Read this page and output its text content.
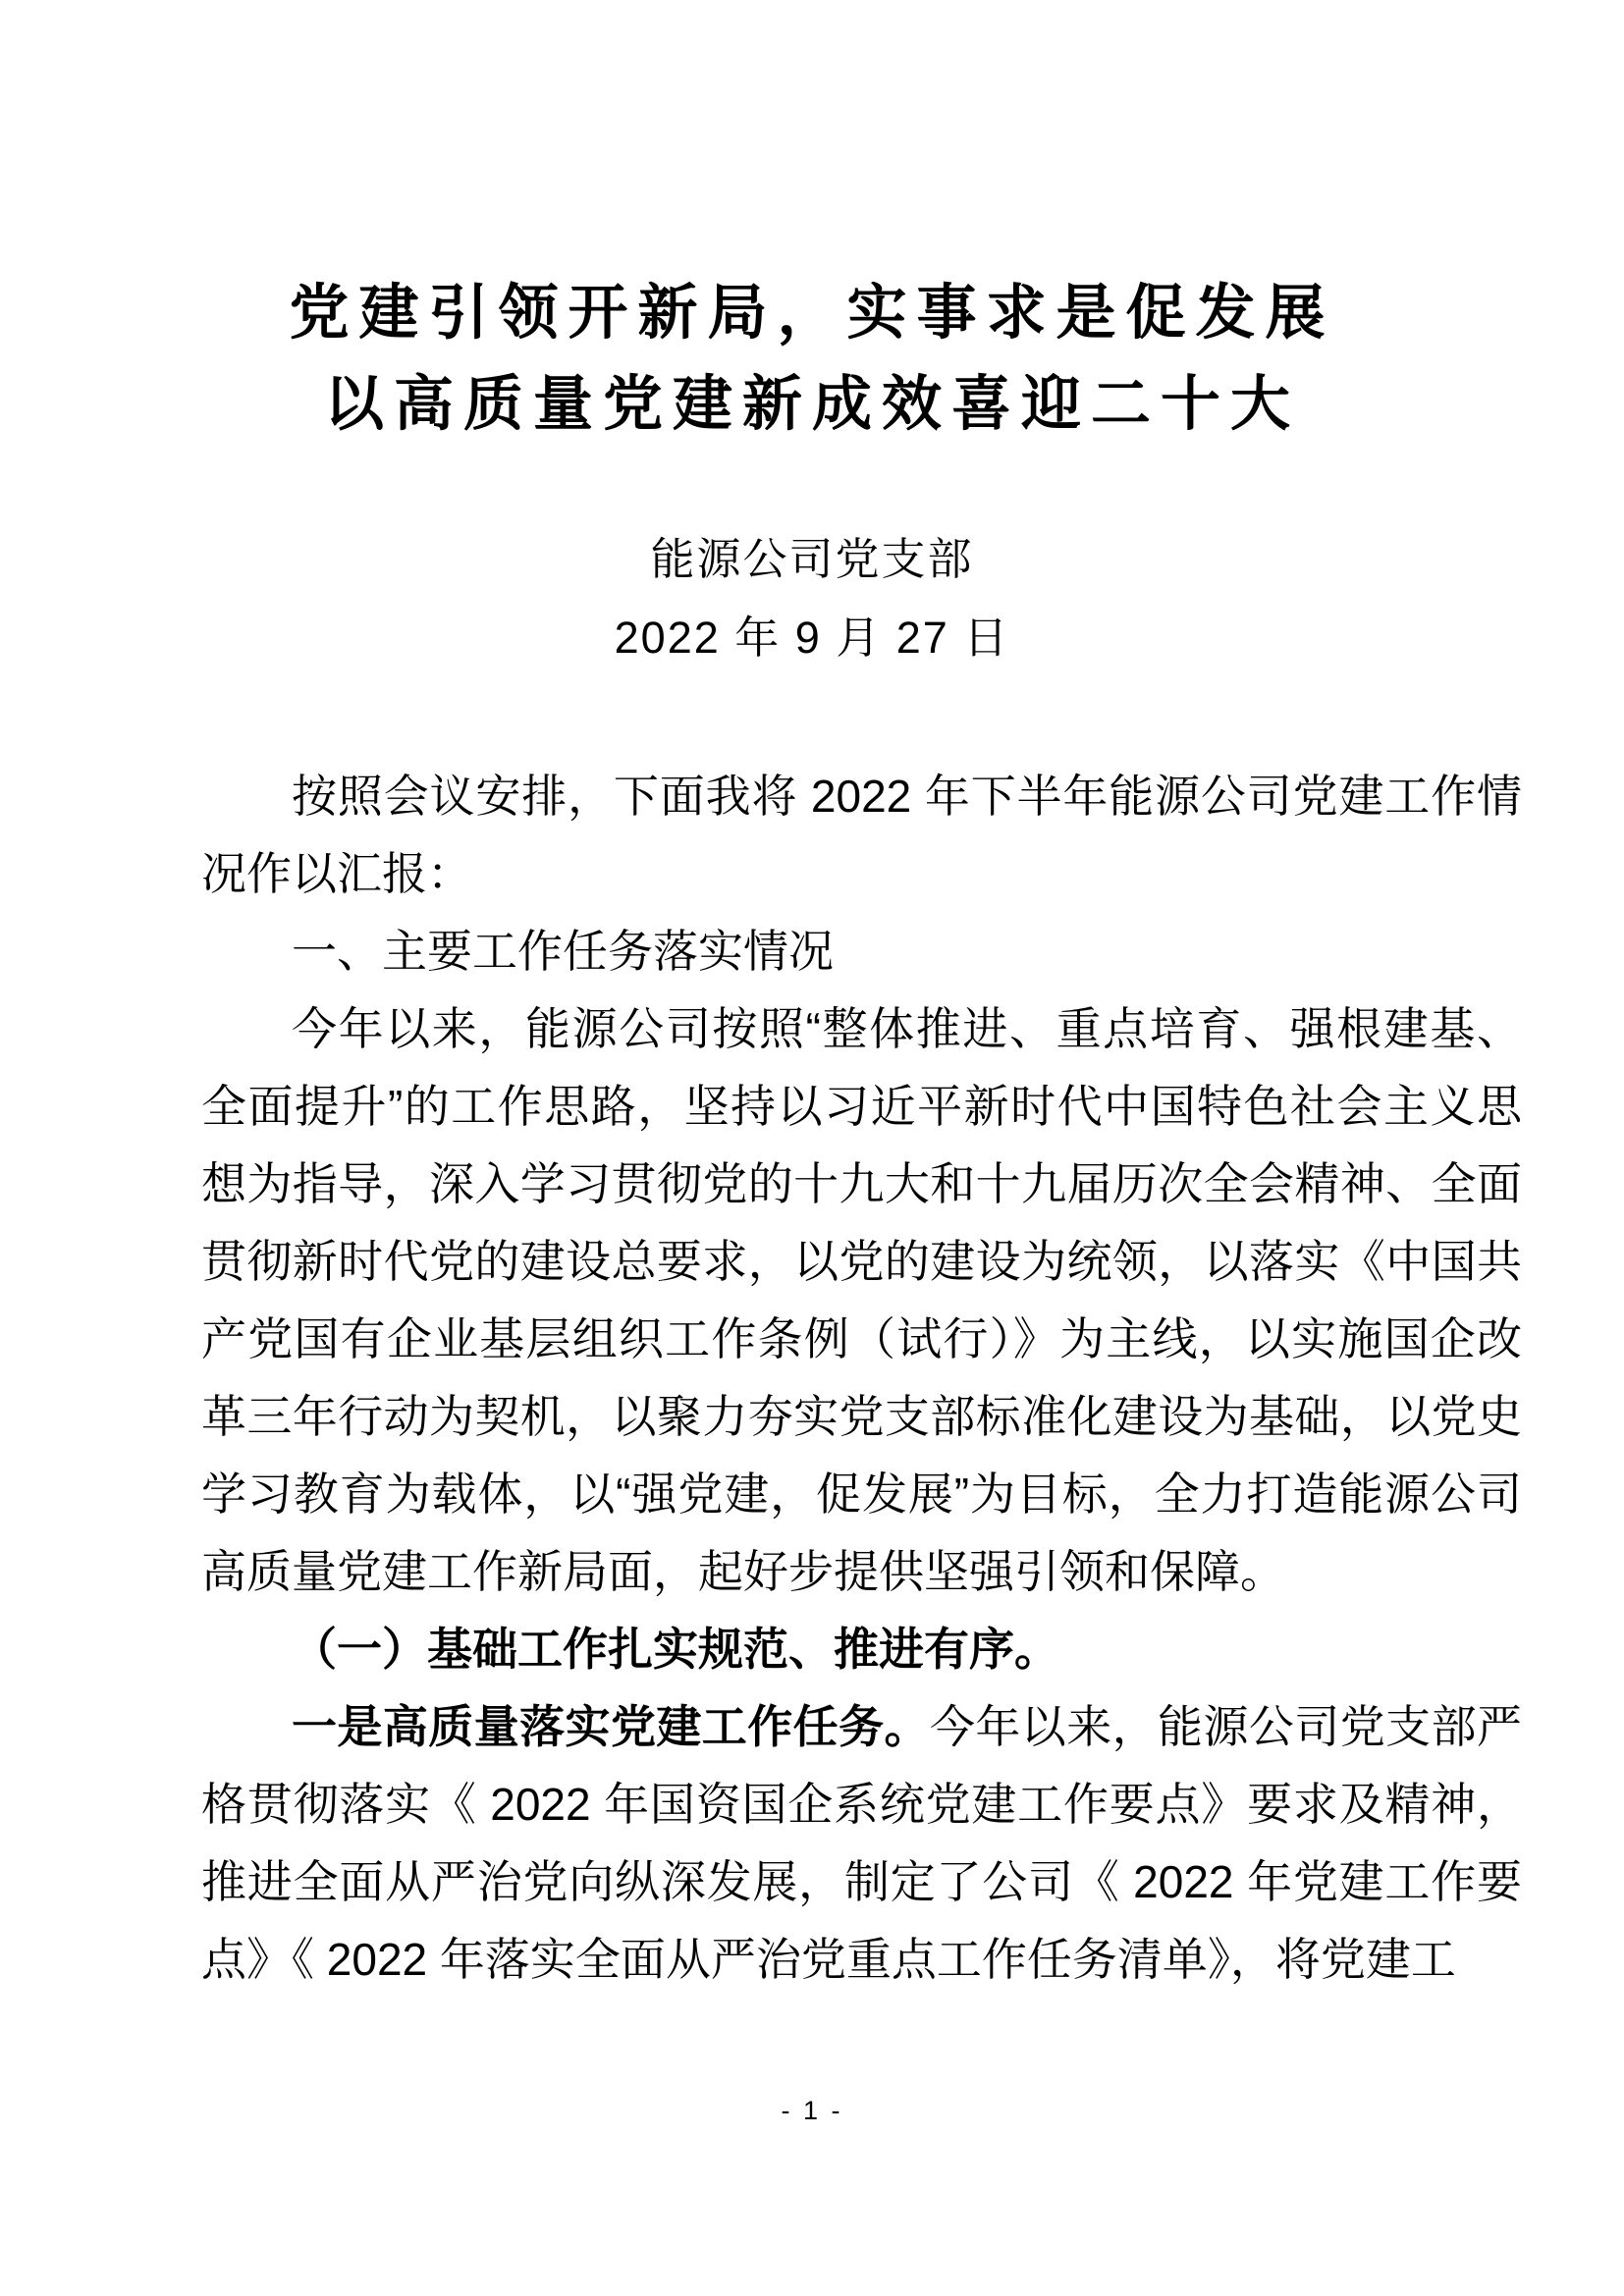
党建引领开新局，实事求是促发展
以高质量党建新成效喜迎二十大
能源公司党支部
2022 年 9 月 27 日

按照会议安排，下面我将 2022 年下半年能源公司党建工作情况作以汇报：

一、主要工作任务落实情况

今年以来，能源公司按照“整体推进、重点培育、强根建基、全面提升”的工作思路，坚持以习近平新时代中国特色社会主义思想为指导，深入学习贯彻党的十九大和十九届历次全会精神、全面贯彻新时代党的建设总要求，以党的建设为统领，以落实《中国共产党国有企业基层组织工作条例（试行）》为主线，以实施国企改革三年行动为契机，以聚力夯实党支部标准化建设为基础，以党史学习教育为载体，以“强党建，促发展”为目标，全力打造能源公司高质量党建工作新局面，起好步提供坚强引领和保障。

（一）基础工作扎实规范、推进有序。

一是高质量落实党建工作任务。今年以来，能源公司党支部严格贯彻落实《 2022 年国资国企系统党建工作要点》要求及精神，推进全面从严治党向纵深发展，制定了公司《 2022 年党建工作要点》《 2022 年落实全面从严治党重点工作任务清单》，将党建工

- 1 -
